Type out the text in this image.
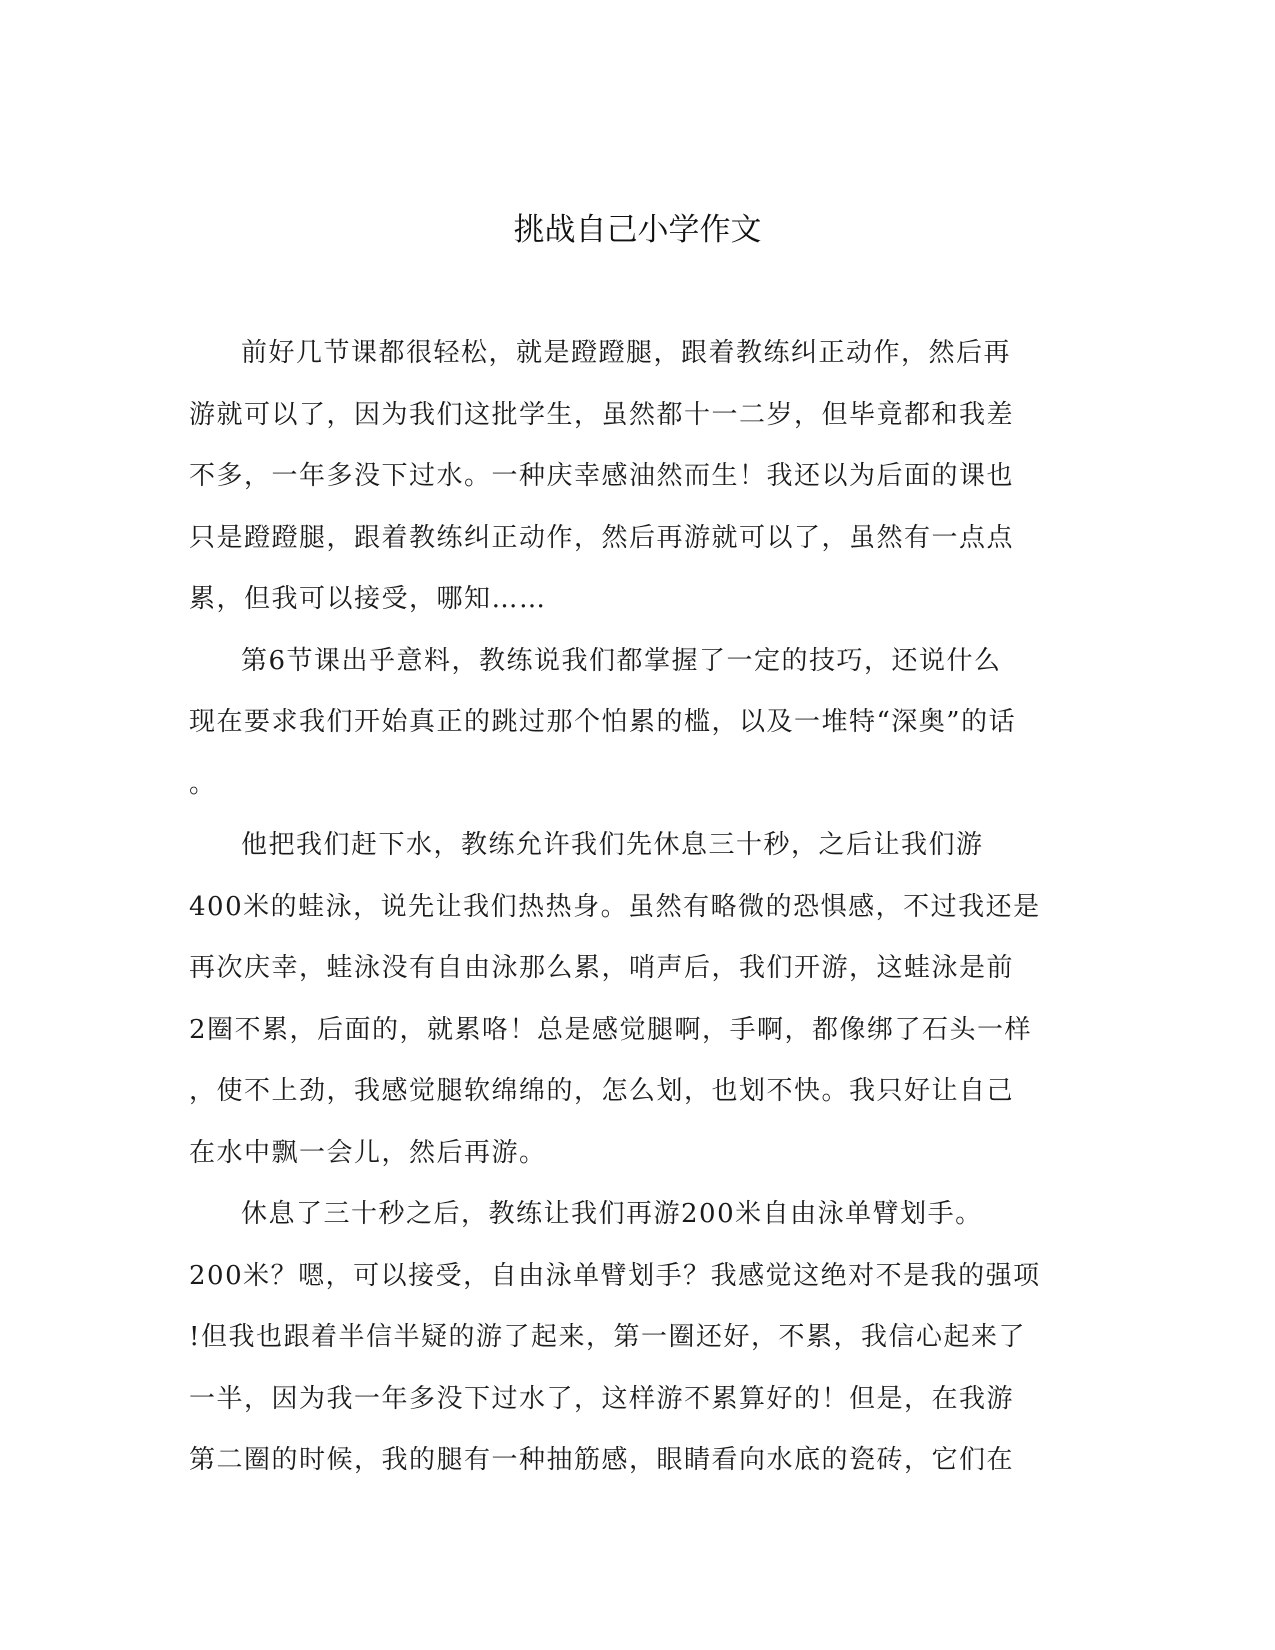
挑战自己小学作文
前好几节课都很轻松，就是蹬蹬腿，跟着教练纠正动作，然后再
游就可以了，因为我们这批学生，虽然都十一二岁，但毕竟都和我差
不多，一年多没下过水。一种庆幸感油然而生！我还以为后面的课也
只是蹬蹬腿，跟着教练纠正动作，然后再游就可以了，虽然有一点点
累，但我可以接受，哪知……
第6节课出乎意料，教练说我们都掌握了一定的技巧，还说什么
现在要求我们开始真正的跳过那个怕累的槛，以及一堆特“深奥”的话
。
他把我们赶下水，教练允许我们先休息三十秒，之后让我们游
400米的蛙泳，说先让我们热热身。虽然有略微的恐惧感，不过我还是
再次庆幸，蛙泳没有自由泳那么累，哨声后，我们开游，这蛙泳是前
2圈不累，后面的，就累咯！总是感觉腿啊，手啊，都像绑了石头一样
，使不上劲，我感觉腿软绵绵的，怎么划，也划不快。我只好让自己
在水中飘一会儿，然后再游。
休息了三十秒之后，教练让我们再游200米自由泳单臂划手。
200米？嗯，可以接受，自由泳单臂划手？我感觉这绝对不是我的强项
!但我也跟着半信半疑的游了起来，第一圈还好，不累，我信心起来了
一半，因为我一年多没下过水了，这样游不累算好的！但是，在我游
第二圈的时候，我的腿有一种抽筋感，眼睛看向水底的瓷砖，它们在
